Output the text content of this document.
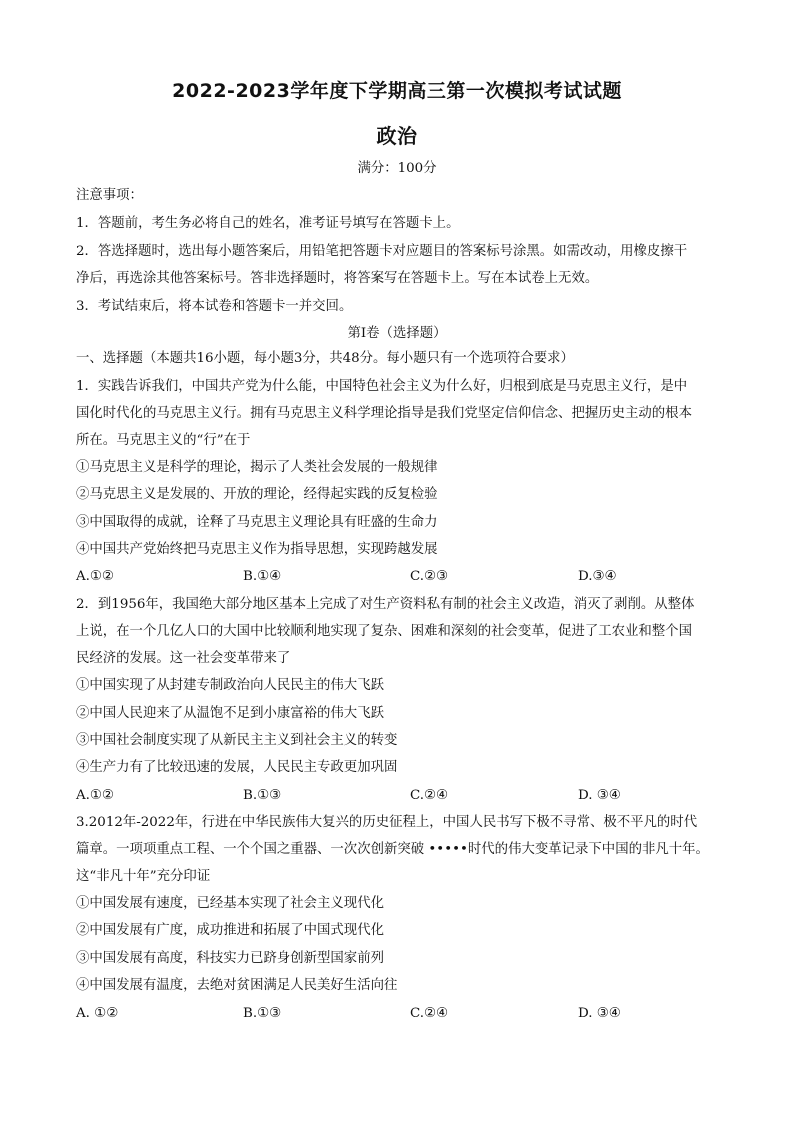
2022-2023学年度下学期高三第一次模拟考试试题
政治
满分：100分
注意事项：
1．答题前，考生务必将自己的姓名，准考证号填写在答题卡上。
2．答选择题时，选出每小题答案后，用铅笔把答题卡对应题目的答案标号涂黑。如需改动，用橡皮擦干
净后，再选涂其他答案标号。答非选择题时，将答案写在答题卡上。写在本试卷上无效。
3．考试结束后，将本试卷和答题卡一并交回。
第Ⅰ卷（选择题）
一、选择题（本题共16小题，每小题3分，共48分。每小题只有一个选项符合要求）
1．实践告诉我们，中国共产党为什么能，中国特色社会主义为什么好，归根到底是马克思主义行，是中
国化时代化的马克思主义行。拥有马克思主义科学理论指导是我们党坚定信仰信念、把握历史主动的根本
所在。马克思主义的“行”在于
①马克思主义是科学的理论，揭示了人类社会发展的一般规律
②马克思主义是发展的、开放的理论，经得起实践的反复检验
③中国取得的成就，诠释了马克思主义理论具有旺盛的生命力
④中国共产党始终把马克思主义作为指导思想，实现跨越发展
A.①②	B.①④	C.②③	D.③④
2．到1956年，我国绝大部分地区基本上完成了对生产资料私有制的社会主义改造，消灭了剥削。从整体
上说，在一个几亿人口的大国中比较顺利地实现了复杂、困难和深刻的社会变革，促进了工农业和整个国
民经济的发展。这一社会变革带来了
①中国实现了从封建专制政治向人民民主的伟大飞跃
②中国人民迎来了从温饱不足到小康富裕的伟大飞跃
③中国社会制度实现了从新民主主义到社会主义的转变
④生产力有了比较迅速的发展，人民民主专政更加巩固
A.①②	B.①③	C.②④	D. ③④
3.2012年-2022年，行进在中华民族伟大复兴的历史征程上，中国人民书写下极不寻常、极不平凡的时代
篇章。一项项重点工程、一个个国之重器、一次次创新突破 •••••时代的伟大变革记录下中国的非凡十年。
这“非凡十年”充分印证
①中国发展有速度，已经基本实现了社会主义现代化
②中国发展有广度，成功推进和拓展了中国式现代化
③中国发展有高度，科技实力已跻身创新型国家前列
④中国发展有温度，去绝对贫困满足人民美好生活向往
A. ①②	B.①③	C.②④	D. ③④
